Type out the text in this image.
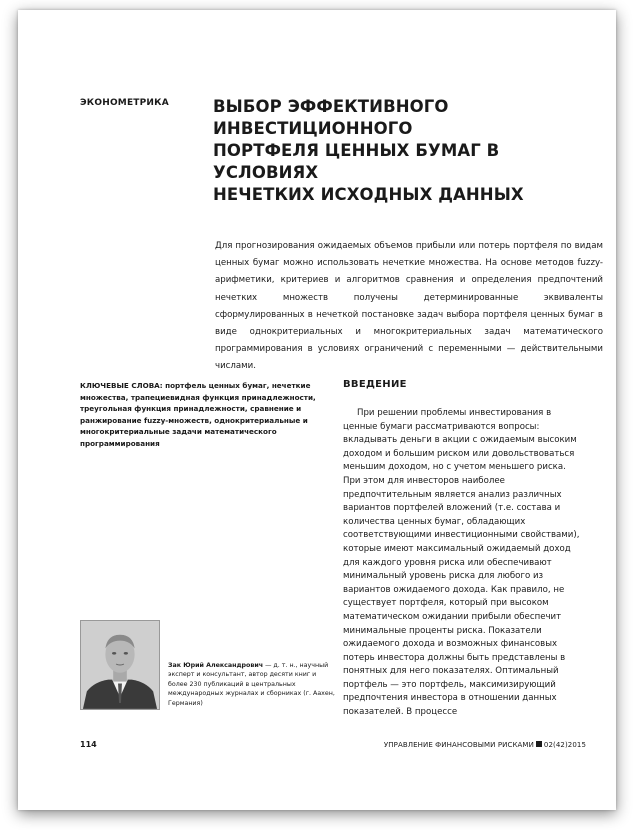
ЭКОНОМЕТРИКА	ВЫБОР ЭФФЕКТИВНОГО ИНВЕСТИЦИОННОГО
ПОРТФЕЛЯ ЦЕННЫХ БУМАГ В УСЛОВИЯХ
НЕЧЕТКИХ ИСХОДНЫХ ДАННЫХ

Для прогнозирования ожидаемых объемов прибыли или потерь портфеля по видам ценных бумаг можно использовать нечеткие множества. На основе методов fuzzy-арифметики, критериев и алгоритмов сравнения и определения предпочтений нечетких множеств получены детерминированные эквиваленты сформулированных в нечеткой постановке задач выбора портфеля ценных бумаг в виде однокритериальных и многокритериальных задач математического программирования в условиях ограничений с переменными — действительными числами.

КЛЮЧЕВЫЕ СЛОВА: портфель ценных бумаг, нечеткие множества, трапециевидная функция принадлежности, треугольная функция принадлежности, сравнение и ранжирование fuzzy-множеств, однокритериальные и многокритериальные задачи математического программирования
ВВЕДЕНИЕ

При решении проблемы инвестирования в ценные бумаги рассматриваются вопросы: вкладывать деньги в акции с ожидаемым высоким доходом и большим риском или довольствоваться меньшим доходом, но с учетом меньшего риска. При этом для инвесторов наиболее предпочтительным является анализ различных вариантов портфелей вложений (т.е. состава и количества ценных бумаг, обладающих соответствующими инвестиционными свойствами), которые имеют максимальный ожидаемый доход для каждого уровня риска или обеспечивают минимальный уровень риска для любого из вариантов ожидаемого дохода. Как правило, не существует портфеля, который при высоком математическом ожидании прибыли обеспечит минимальные проценты риска. Показатели ожидаемого дохода и возможных финансовых потерь инвестора должны быть представлены в понятных для него показателях. Оптимальный портфель — это портфель, максимизирующий предпочтения инвестора в отношении данных показателей. В процессе

Зак Юрий Александрович — д. т. н., научный эксперт и консультант, автор десяти книг и более 230 публикаций в центральных международных журналах и сборниках (г. Аахен, Германия)
114	УПРАВЛЕНИЕ ФИНАНСОВЫМИ РИСКАМИ 02(42)2015
